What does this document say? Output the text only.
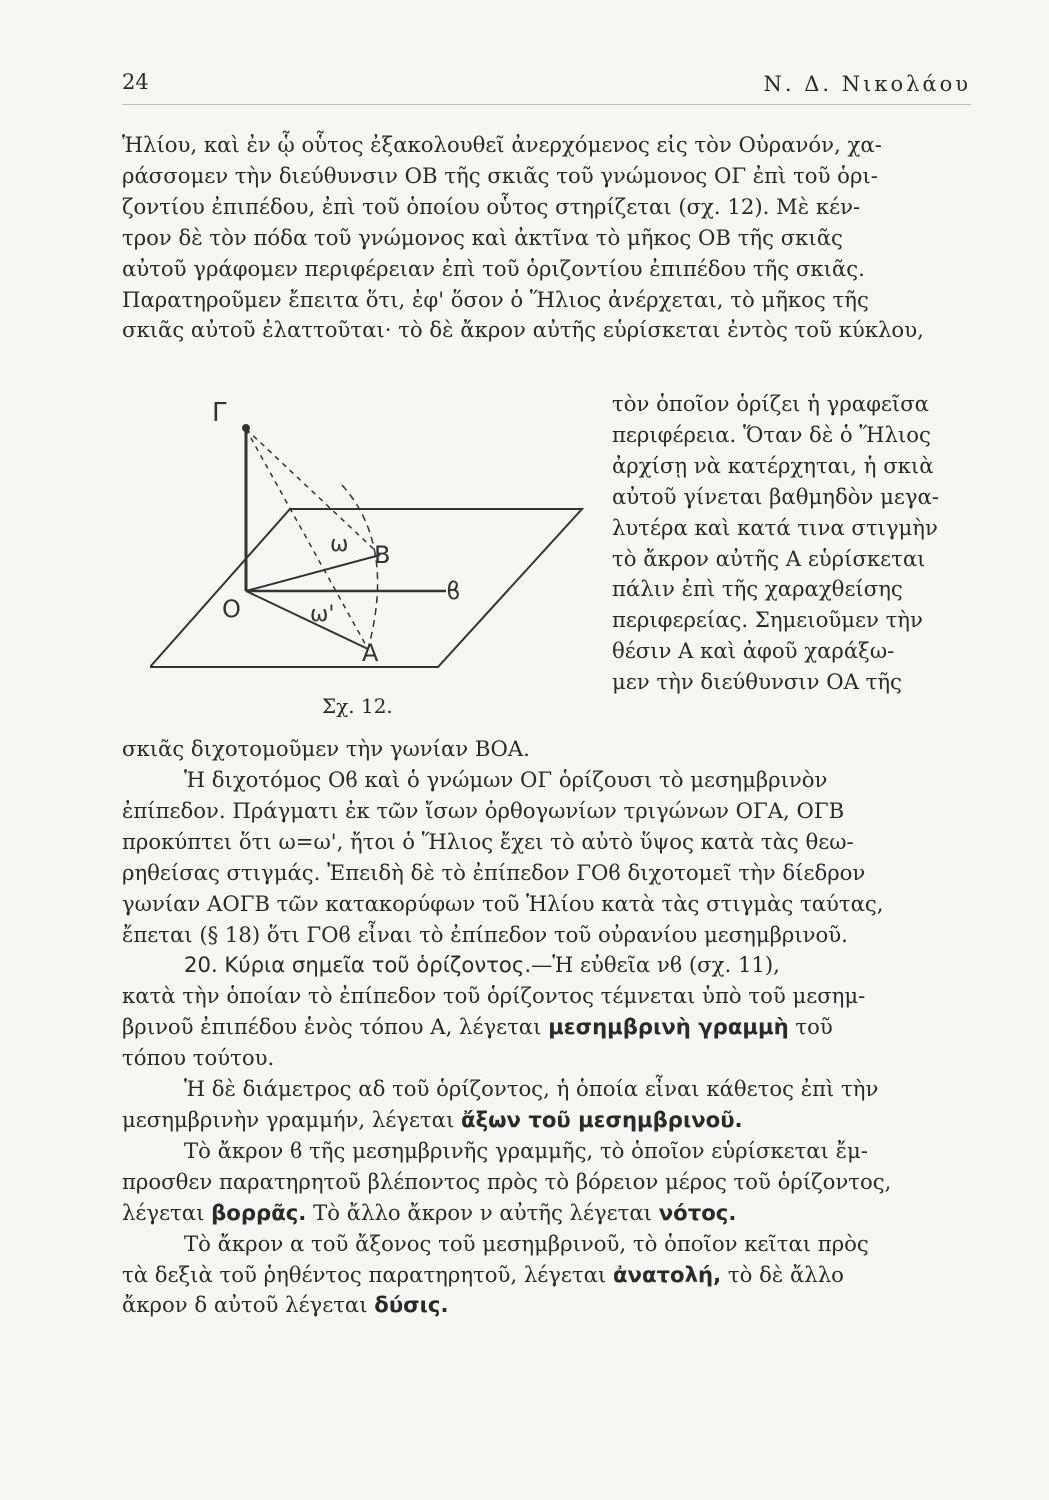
24	Ν. Δ. Νικολάου

Ἡλίου, καὶ ἐν ᾧ οὗτος ἐξακολουθεῖ ἀνερχόμενος εἰς τὸν Οὐρανόν, χα-

ράσσομεν τὴν διεύθυνσιν ΟΒ τῆς σκιᾶς τοῦ γνώμονος ΟΓ ἐπὶ τοῦ ὁρι-

ζοντίου ἐπιπέδου, ἐπὶ τοῦ ὁποίου οὗτος στηρίζεται (σχ. 12). Μὲ κέν-

τρον δὲ τὸν πόδα τοῦ γνώμονος καὶ ἀκτῖνα τὸ μῆκος ΟΒ τῆς σκιᾶς

αὐτοῦ γράφομεν περιφέρειαν ἐπὶ τοῦ ὁριζοντίου ἐπιπέδου τῆς σκιᾶς.

Παρατηροῦμεν ἔπειτα ὅτι, ἐφ' ὅσον ὁ Ἥλιος ἀνέρχεται, τὸ μῆκος τῆς

σκιᾶς αὐτοῦ ἐλαττοῦται· τὸ δὲ ἄκρον αὐτῆς εὑρίσκεται ἐντὸς τοῦ κύκλου,

Γ
Ο
Β
Α
ϐ
ω
ω'
Σχ. 12.

τὸν ὁποῖον ὁρίζει ἡ γραφεῖσα

περιφέρεια. Ὅταν δὲ ὁ Ἥλιος

ἀρχίσῃ νὰ κατέρχηται, ἡ σκιὰ

αὐτοῦ γίνεται βαθμηδὸν μεγα-

λυτέρα καὶ κατά τινα στιγμὴν

τὸ ἄκρον αὐτῆς Α εὑρίσκεται

πάλιν ἐπὶ τῆς χαραχθείσης

περιφερείας. Σημειοῦμεν τὴν

θέσιν Α καὶ ἀφοῦ χαράξω-

μεν τὴν διεύθυνσιν ΟΑ τῆς

σκιᾶς διχοτομοῦμεν τὴν γωνίαν ΒΟΑ.

Ἡ διχοτόμος Οϐ καὶ ὁ γνώμων ΟΓ ὁρίζουσι τὸ μεσημβρινὸν

ἐπίπεδον. Πράγματι ἐκ τῶν ἴσων ὀρθογωνίων τριγώνων ΟΓΑ, ΟΓΒ

προκύπτει ὅτι ω=ω', ἤτοι ὁ Ἥλιος ἔχει τὸ αὐτὸ ὕψος κατὰ τὰς θεω-

ρηθείσας στιγμάς. Ἐπειδὴ δὲ τὸ ἐπίπεδον ΓΟϐ διχοτομεῖ τὴν δίεδρον

γωνίαν ΑΟΓΒ τῶν κατακορύφων τοῦ Ἡλίου κατὰ τὰς στιγμὰς ταύτας,

ἔπεται (§ 18) ὅτι ΓΟϐ εἶναι τὸ ἐπίπεδον τοῦ οὐρανίου μεσημβρινοῦ.

20. Κύρια σημεῖα τοῦ ὁρίζοντος.—Ἡ εὐθεῖα νϐ (σχ. 11),

κατὰ τὴν ὁποίαν τὸ ἐπίπεδον τοῦ ὁρίζοντος τέμνεται ὑπὸ τοῦ μεσημ-

βρινοῦ ἐπιπέδου ἑνὸς τόπου Α, λέγεται μεσημβρινὴ γραμμὴ τοῦ

τόπου τούτου.

Ἡ δὲ διάμετρος αδ τοῦ ὁρίζοντος, ἡ ὁποία εἶναι κάθετος ἐπὶ τὴν

μεσημβρινὴν γραμμήν, λέγεται ἄξων τοῦ μεσημβρινοῦ.

Τὸ ἄκρον ϐ τῆς μεσημβρινῆς γραμμῆς, τὸ ὁποῖον εὑρίσκεται ἔμ-

προσθεν παρατηρητοῦ βλέποντος πρὸς τὸ βόρειον μέρος τοῦ ὁρίζοντος,

λέγεται βορρᾶς. Τὸ ἄλλο ἄκρον ν αὐτῆς λέγεται νότος.

Τὸ ἄκρον α τοῦ ἄξονος τοῦ μεσημβρινοῦ, τὸ ὁποῖον κεῖται πρὸς

τὰ δεξιὰ τοῦ ῥηθέντος παρατηρητοῦ, λέγεται ἀνατολή, τὸ δὲ ἄλλο

ἄκρον δ αὐτοῦ λέγεται δύσις.
